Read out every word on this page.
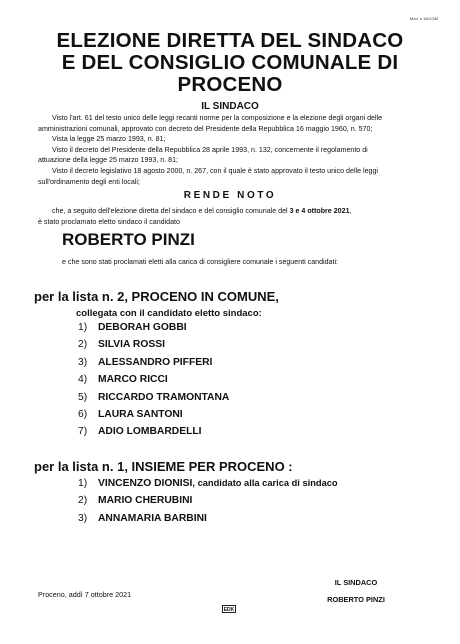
Mod. n.18/COM
ELEZIONE DIRETTA DEL SINDACO
E DEL CONSIGLIO COMUNALE DI
PROCENO
IL SINDACO
Visto l'art. 61 del testo unico delle leggi recanti norme per la composizione e la elezione degli organi delle
amministrazioni comunali, approvato con decreto del Presidente della Repubblica 16 maggio 1960, n. 570;
Vista la legge 25 marzo 1993, n. 81;
Visto il decreto del Presidente della Repubblica 28 aprile 1993, n. 132, concernente il regolamento di
attuazione della legge 25 marzo 1993, n. 81;
Visto il decreto legislativo 18 agosto 2000, n. 267, con il quale è stato approvato il testo unico delle leggi
sull'ordinamento degli enti locali;
RENDE NOTO
che, a seguito dell'elezione diretta del sindaco e del consiglio comunale del 3 e 4 ottobre 2021,
è stato proclamato eletto sindaco il candidato
ROBERTO PINZI
e che sono stati proclamati eletti alla carica di consigliere comunale i seguenti candidati:
per la lista n. 2, PROCENO IN COMUNE,
collegata con il candidato eletto sindaco:
1) DEBORAH GOBBI
2) SILVIA ROSSI
3) ALESSANDRO PIFFERI
4) MARCO RICCI
5) RICCARDO TRAMONTANA
6) LAURA SANTONI
7) ADIO LOMBARDELLI
per la lista n. 1, INSIEME PER PROCENO :
1) VINCENZO DIONISI, candidato alla carica di sindaco
2) MARIO CHERUBINI
3) ANNAMARIA BARBINI
Proceno, addì 7 ottobre 2021
IL SINDACO
ROBERTO PINZI
EDK
